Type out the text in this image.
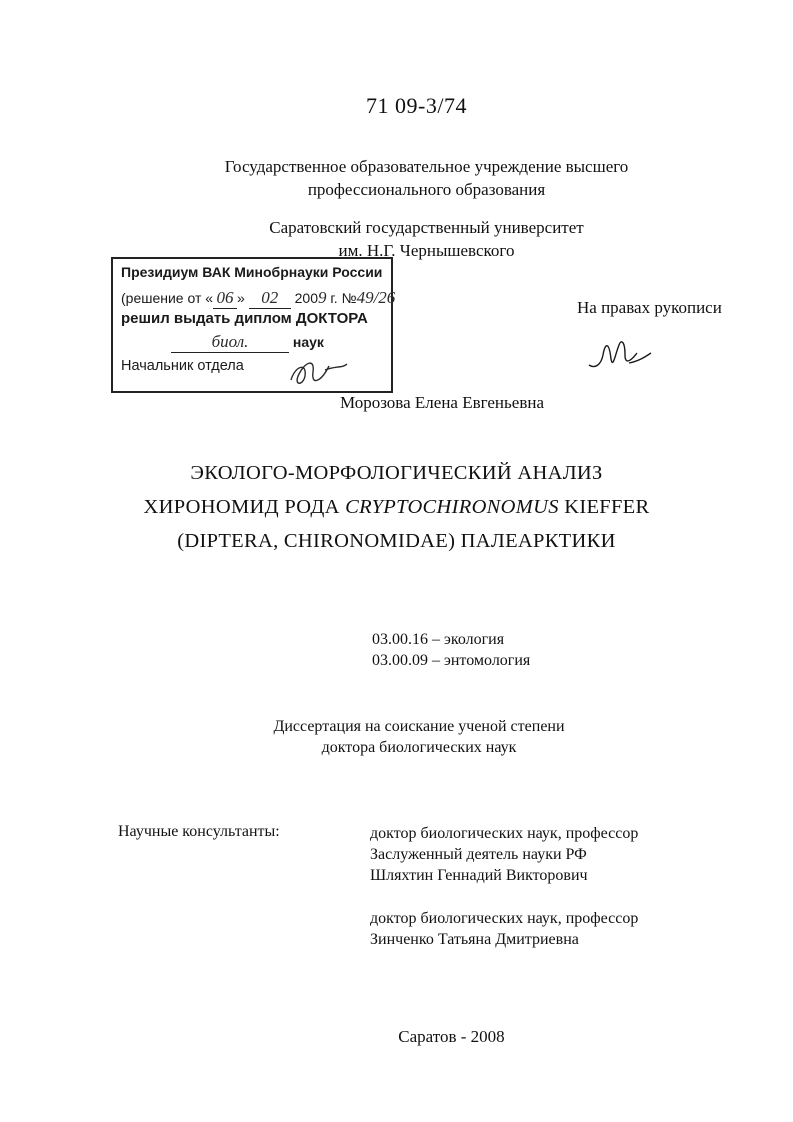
71 09-3/74
Государственное образовательное учреждение высшего
профессионального образования
Саратовский государственный университет
им. Н.Г. Чернышевского
Президиум ВАК Минобрнауки России
(решение от « 06 » 02 2009 г. №49/26
решил выдать диплом ДОКТОРА
биол.	наук
Начальник отдела
На правах рукописи
Морозова Елена Евгеньевна
ЭКОЛОГО-МОРФОЛОГИЧЕСКИЙ АНАЛИЗ
ХИРОНОМИД РОДА CRYPTOCHIRONOMUS KIEFFER
(DIPTERA, CHIRONOMIDAE) ПАЛЕАРКТИКИ
03.00.16 – экология
03.00.09 – энтомология
Диссертация на соискание ученой степени
доктора биологических наук
Научные консультанты:	доктор биологических наук, профессор
Заслуженный деятель науки РФ
Шляхтин Геннадий Викторович
доктор биологических наук, профессор
Зинченко Татьяна Дмитриевна
Саратов - 2008
